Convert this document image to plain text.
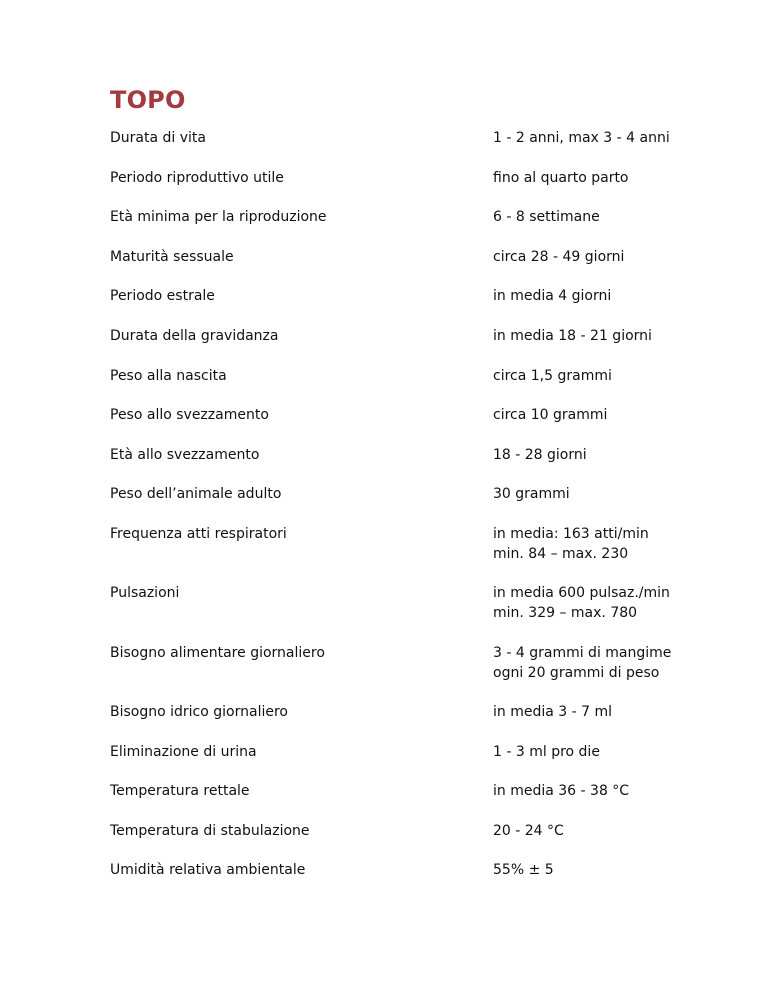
TOPO
Durata di vita	1 - 2 anni, max 3 - 4 anni
Periodo riproduttivo utile	fino al quarto parto
Età minima per la riproduzione	6 - 8 settimane
Maturità sessuale	circa 28 - 49 giorni
Periodo estrale	in media 4 giorni
Durata della gravidanza	in media 18 - 21 giorni
Peso alla nascita	circa 1,5 grammi
Peso allo svezzamento	circa 10 grammi
Età allo svezzamento	18 - 28 giorni
Peso dell’animale adulto	30 grammi
Frequenza atti respiratori	in media: 163 atti/min
min. 84 – max. 230
Pulsazioni	in media 600 pulsaz./min
min. 329 – max. 780
Bisogno alimentare giornaliero	3 - 4 grammi di mangime
ogni 20 grammi di peso
Bisogno idrico giornaliero	in media 3 - 7 ml
Eliminazione di urina	1 - 3 ml pro die
Temperatura rettale	in media 36 - 38 °C
Temperatura di stabulazione	20 - 24 °C
Umidità relativa ambientale	55% ± 5
